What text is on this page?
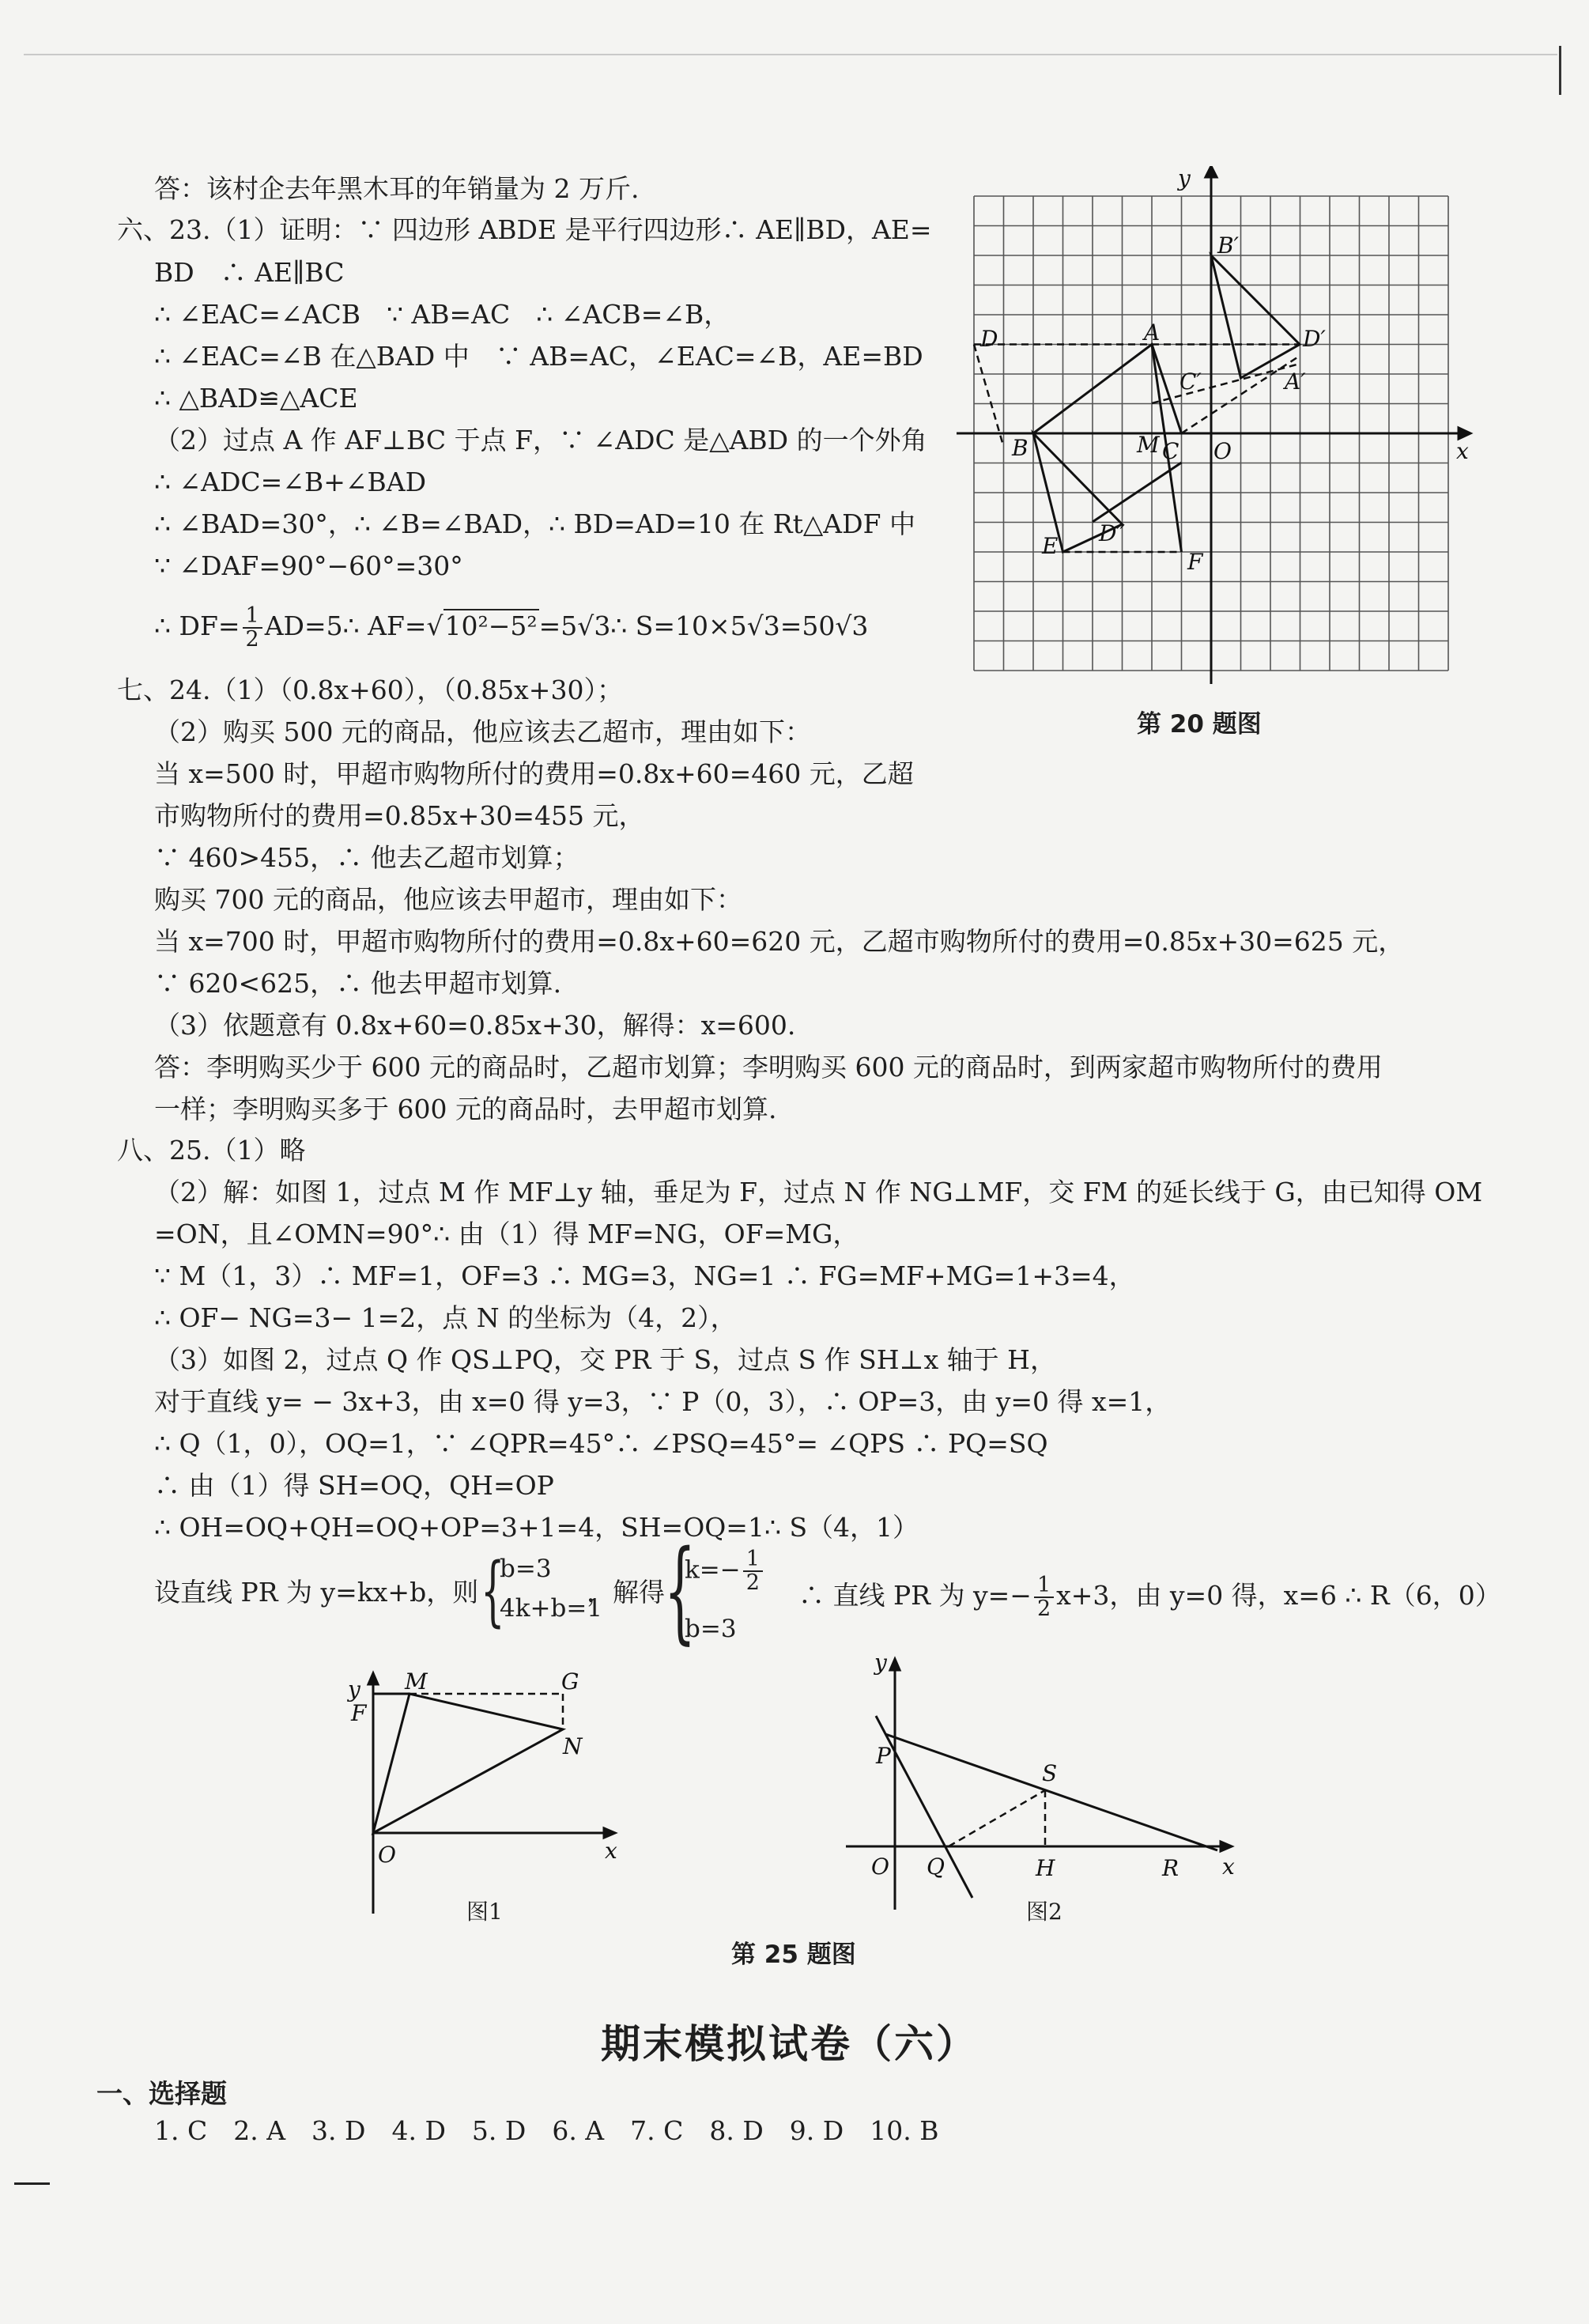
答：该村企去年黑木耳的年销量为 2 万斤.
六、23.（1）证明：∵ 四边形 ABDE 是平行四边形∴ AE∥BD，AE=
BD　∴ AE∥BC
∴ ∠EAC=∠ACB　∵ AB=AC　∴ ∠ACB=∠B，
∴ ∠EAC=∠B 在△BAD 中　∵ AB=AC，∠EAC=∠B，AE=BD
∴ △BAD≌△ACE
（2）过点 A 作 AF⊥BC 于点 F，∵ ∠ADC 是△ABD 的一个外角
∴ ∠ADC=∠B+∠BAD
∴ ∠BAD=30°，∴ ∠B=∠BAD，∴ BD=AD=10 在 Rt△ADF 中
∵ ∠DAF=90°−60°=30°
∴ $DF= \frac{1}{2}$ AD=5∴ AF=√10²−5²=5√3∴ S=10×5√3=50√3
y
x
O
A
B	C
M
D
E
F
D″
B′
D′
A′
C′
第 20 题图
七、24.（1）（0.8x+60），（0.85x+30）；
（2）购买 500 元的商品，他应该去乙超市，理由如下：
当 x=500 时，甲超市购物所付的费用=0.8x+60=460 元，乙超
市购物所付的费用=0.85x+30=455 元，
∵ 460>455，∴ 他去乙超市划算；
购买 700 元的商品，他应该去甲超市，理由如下：
当 x=700 时，甲超市购物所付的费用=0.8x+60=620 元，乙超市购物所付的费用=0.85x+30=625 元，
∵ 620<625，∴ 他去甲超市划算.
（3）依题意有 0.8x+60=0.85x+30，解得：x=600.
答：李明购买少于 600 元的商品时，乙超市划算；李明购买 600 元的商品时，到两家超市购物所付的费用
一样；李明购买多于 600 元的商品时，去甲超市划算.
八、25.（1）略
（2）解：如图 1，过点 M 作 MF⊥y 轴，垂足为 F，过点 N 作 NG⊥MF，交 FM 的延长线于 G，由已知得 OM
=ON，且∠OMN=90°∴ 由（1）得 MF=NG，OF=MG，
∵ M（1，3）∴ MF=1，OF=3 ∴ MG=3，NG=1 ∴ FG=MF+MG=1+3=4，
∴ OF− NG=3− 1=2，点 N 的坐标为（4，2），
（3）如图 2，过点 Q 作 QS⊥PQ，交 PR 于 S，过点 S 作 SH⊥x 轴于 H，
对于直线 y= − 3x+3，由 x=0 得 y=3，∵ P（0，3），∴ OP=3，由 y=0 得 x=1，
∴ Q（1，0），OQ=1，∵ ∠QPR=45°∴ ∠PSQ=45°= ∠QPS ∴ PQ=SQ
∴ 由（1）得 SH=OQ，QH=OP
∴ OH=OQ+QH=OQ+OP=3+1=4，SH=OQ=1∴ S（4，1）
设直线 PR 为 y=kx+b，则 {
b=3
4k+b=1
，解得 {
$k=- \frac{1}{2}$
b=3
∴ 直线 PR 为 $y=- \frac{1}{2} x+3$，由 y=0 得，x=6 ∴ R（6，0）
y
F
M	G
N
O	x
图1
y
P
S
O Q	H	R x
图2
第 25 题图
期末模拟试卷（六）
一、选择题
1. C　2. A　3. D　4. D　5. D　6. A　7. C　8. D　9. D　10. B
